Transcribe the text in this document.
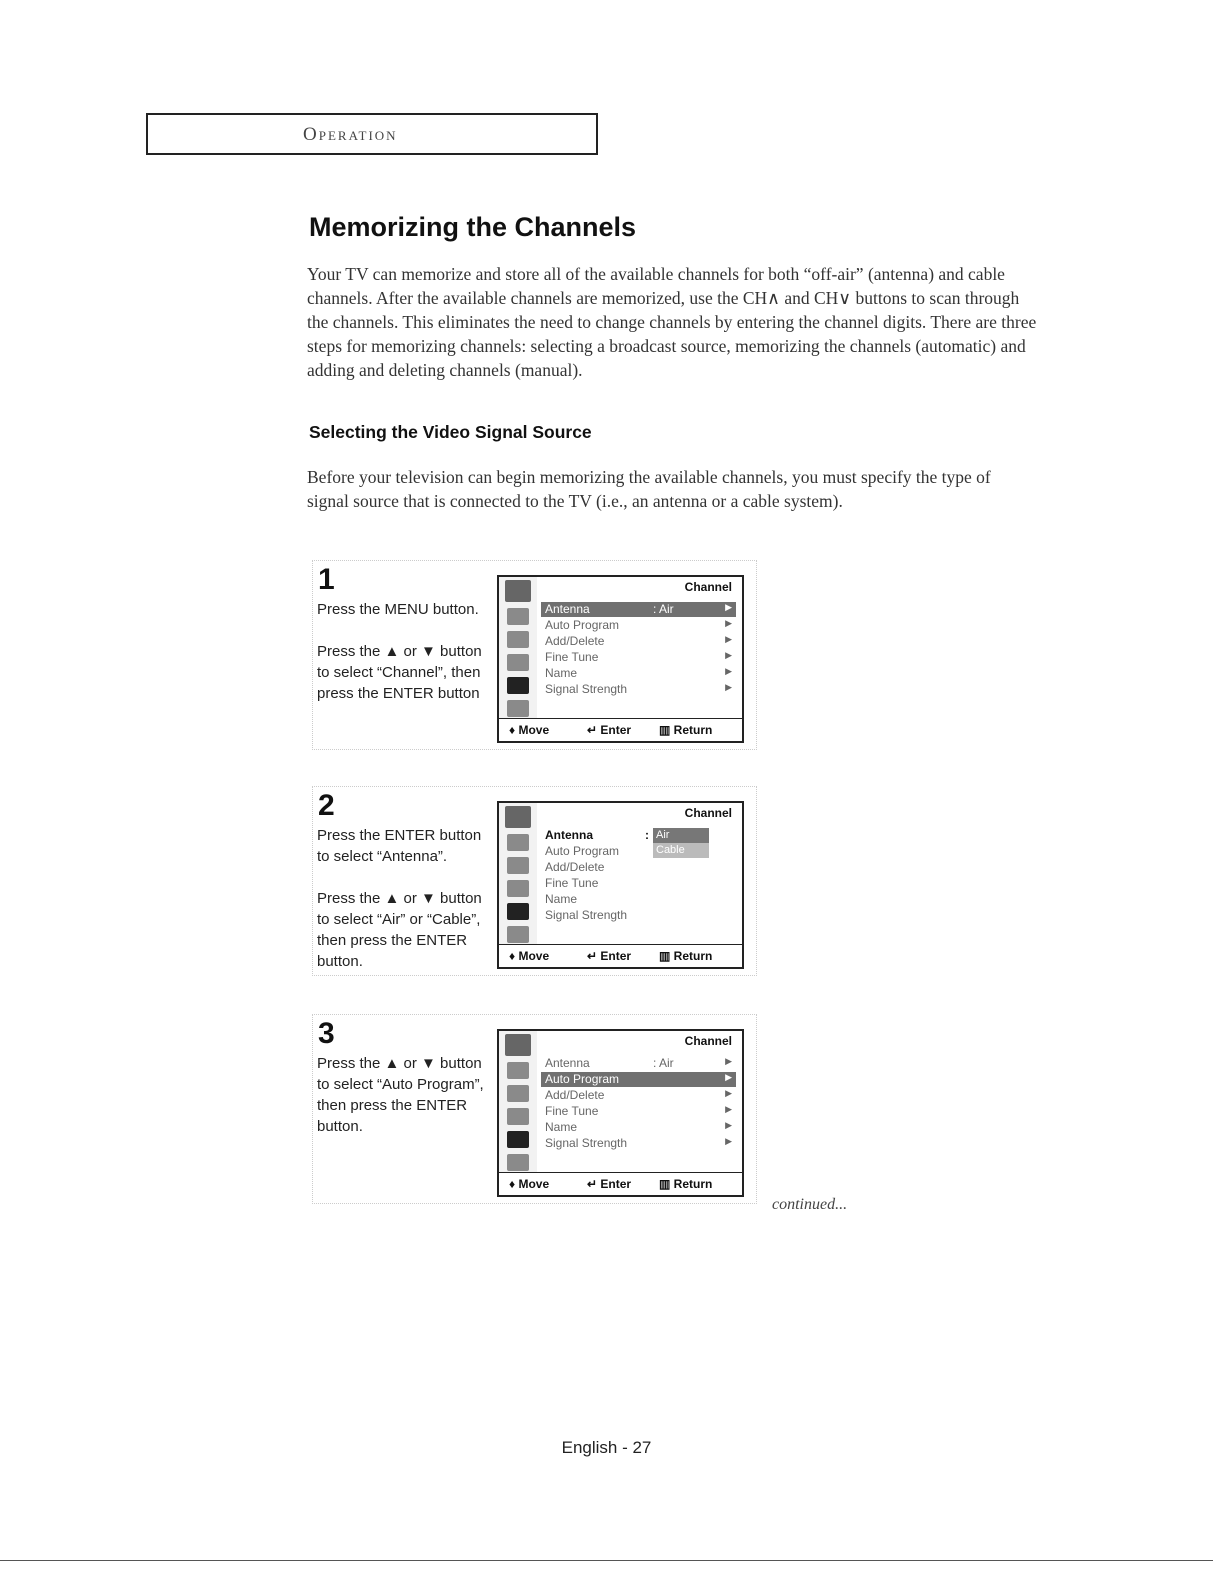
Operation
Memorizing the Channels

Your TV can memorize and store all of the available channels for both “off-air” (antenna) and cable channels. After the available channels are memorized, use the CH∧ and CH∨ buttons to scan through the channels. This eliminates the need to change channels by entering the channel digits. There are three steps for memorizing channels: selecting a broadcast source, memorizing the channels (automatic) and adding and deleting channels (manual).

Selecting the Video Signal Source

Before your television can begin memorizing the available channels, you must specify the type of signal source that is connected to the TV (i.e., an antenna or a cable system).

1
Press the MENU button.

Press the ▲ or ▼ button to select “Channel”, then press the ENTER button
Channel
Antenna	: Air	▶
Auto Program	▶
Add/Delete	▶
Fine Tune	▶
Name	▶
Signal Strength	▶
♦ Move	↵ Enter ▥ Return
2
Press the ENTER button to select “Antenna”.

Press the ▲ or ▼ button to select “Air” or “Cable”, then press the ENTER button.
Channel
Antenna	: Air
Cable
Auto Program
Add/Delete
Fine Tune
Name
Signal Strength
♦ Move	↵ Enter ▥ Return
3
Press the ▲ or ▼ button to select “Auto Program”, then press the ENTER button.
Channel
Antenna	: Air	▶
Auto Program	▶
Add/Delete	▶
Fine Tune	▶
Name	▶
Signal Strength	▶
♦ Move	↵ Enter ▥ Return
continued...
English - 27
